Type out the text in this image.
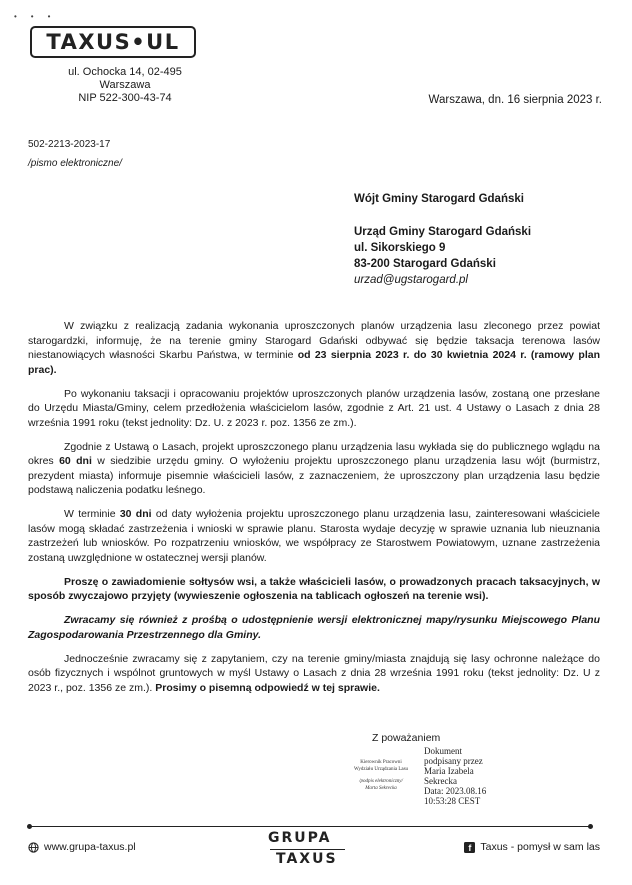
•••
TAXUS•UL
ul. Ochocka 14, 02-495 Warszawa
NIP 522-300-43-74	Warszawa, dn. 16 sierpnia 2023 r.
502-2213-2023-17
/pismo elektroniczne/
Wójt Gminy Starogard Gdański
Urząd Gminy Starogard Gdański
ul. Sikorskiego 9
83-200 Starogard Gdański
urzad@ugstarogard.pl

W związku z realizacją zadania wykonania uproszczonych planów urządzenia lasu zleconego przez powiat starogardzki, informuję, że na terenie gminy Starogard Gdański odbywać się będzie taksacja terenowa lasów niestanowiących własności Skarbu Państwa, w terminie od 23 sierpnia 2023 r. do 30 kwietnia 2024 r. (ramowy plan prac).

Po wykonaniu taksacji i opracowaniu projektów uproszczonych planów urządzenia lasów, zostaną one przesłane do Urzędu Miasta/Gminy, celem przedłożenia właścicielom lasów, zgodnie z Art. 21 ust. 4 Ustawy o Lasach z dnia 28 września 1991 roku (tekst jednolity: Dz. U. z 2023 r. poz. 1356 ze zm.).

Zgodnie z Ustawą o Lasach, projekt uproszczonego planu urządzenia lasu wykłada się do publicznego wglądu na okres 60 dni w siedzibie urzędu gminy. O wyłożeniu projektu uproszczonego planu urządzenia lasu wójt (burmistrz, prezydent miasta) informuje pisemnie właścicieli lasów, z zaznaczeniem, że uproszczony plan urządzenia lasu będzie podstawą naliczenia podatku leśnego.

W terminie 30 dni od daty wyłożenia projektu uproszczonego planu urządzenia lasu, zainteresowani właściciele lasów mogą składać zastrzeżenia i wnioski w sprawie planu. Starosta wydaje decyzję w sprawie uznania lub nieuznania zastrzeżeń lub wniosków. Po rozpatrzeniu wniosków, we współpracy ze Starostwem Powiatowym, uznane zastrzeżenia zostaną uwzględnione w ostatecznej wersji planów.

Proszę o zawiadomienie sołtysów wsi, a także właścicieli lasów, o prowadzonych pracach taksacyjnych, w sposób zwyczajowo przyjęty (wywieszenie ogłoszenia na tablicach ogłoszeń na terenie wsi).

Zwracamy się również z prośbą o udostępnienie wersji elektronicznej mapy/rysunku Miejscowego Planu Zagospodarowania Przestrzennego dla Gminy.

Jednocześnie zwracamy się z zapytaniem, czy na terenie gminy/miasta znajdują się lasy ochronne należące do osób fizycznych i wspólnot gruntowych w myśl Ustawy o Lasach z dnia 28 września 1991 roku (tekst jednolity: Dz. U z 2023 r., poz. 1356 ze zm.). Prosimy o pisemną odpowiedź w tej sprawie.

Z poważaniem
Kierownik Pracowni
Wydziału Urządzania Lasu
/podpis elektroniczny/
Marta Sekrecka
Dokument
podpisany przez
Maria Izabela
Sekrecka
Data: 2023.08.16
10:53:28 CEST
www.grupa-taxus.pl
GRUPA
TAXUS
f Taxus - pomysł w sam las
